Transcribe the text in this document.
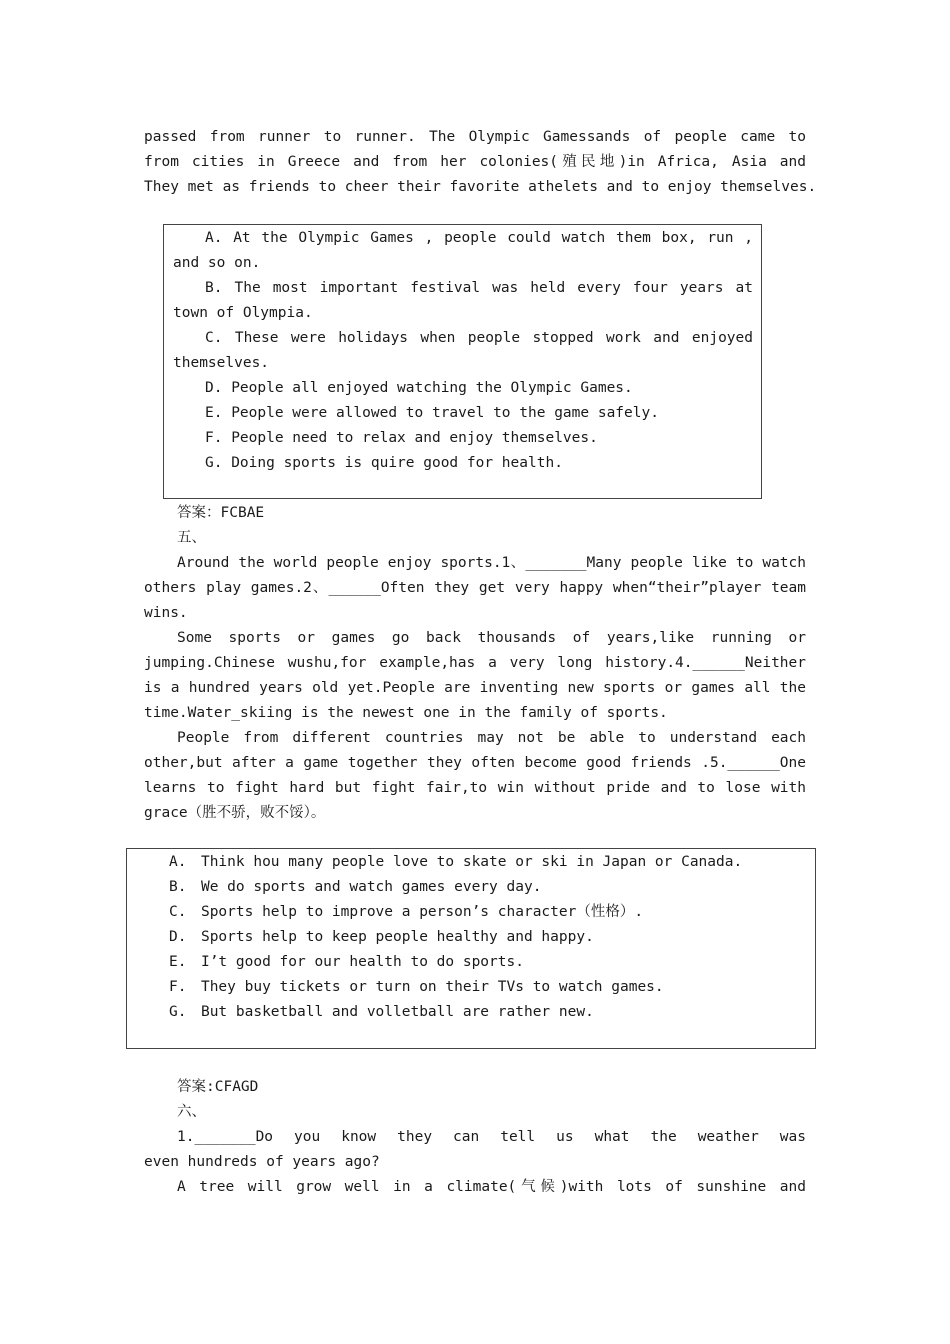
passed from runner to runner. The Olympic Gamessands of people came to
from cities in Greece and from her colonies(殖民地)in Africa, Asia and
They met as friends to cheer their favorite athelets and to enjoy themselves.
A. At the Olympic Games , people could watch them box, run ,
and so on.
B. The most important festival was held every four years at
town of Olympia.
C. These were holidays when people stopped work and enjoyed
themselves.
D. People all enjoyed watching the Olympic Games.
E. People were allowed to travel to the game safely.
F. People need to relax and enjoy themselves.
G. Doing sports is quire good for health.
答案：FCBAE
五、
Around the world people enjoy sports.1、_______Many people like to watch
others play games.2、______Often they get very happy when“their”player team
wins.
Some sports or games go back thousands of years,like running or
jumping.Chinese wushu,for example,has a very long history.4.______Neither
is a hundred years old yet.People are inventing new sports or games all the
time.Water_skiing is the newest one in the family of sports.
People from different countries may not be able to understand each
other,but after a game together they often become good friends .5.______One
learns to fight hard but fight fair,to win without pride and to lose with
grace（胜不骄，败不馁）。
A.　Think hou many people love to skate or ski in Japan or Canada.
B.　We do sports and watch games every day.
C.　Sports help to improve a person’s character（性格）.
D.　Sports help to keep people healthy and happy.
E.　I’t good for our health to do sports.
F.　They buy tickets or turn on their TVs to watch games.
G.　But basketball and volletball are rather new.
答案:CFAGD
六、
1._______Do you know they can tell us what the weather was
even hundreds of years ago?
A tree will grow well in a climate(气候)with lots of sunshine and
